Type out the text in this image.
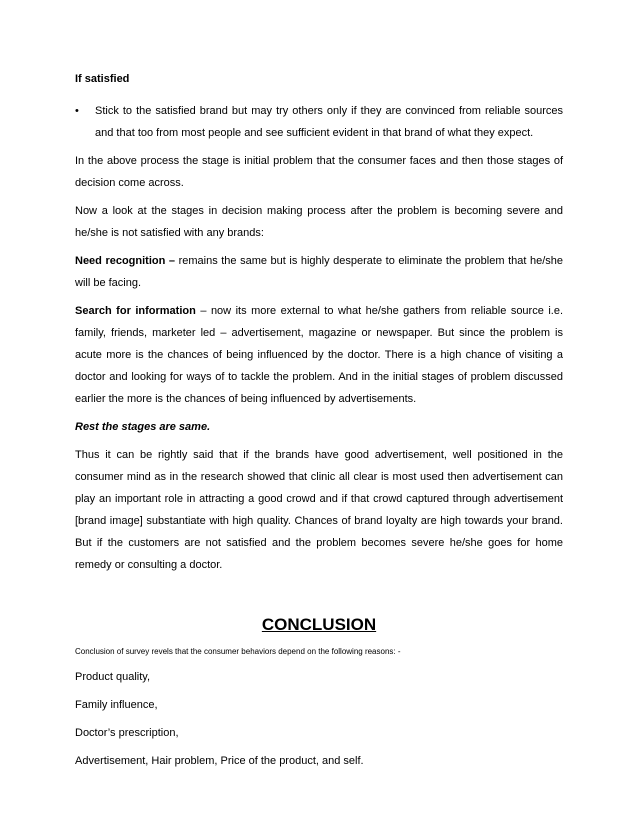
If satisfied

• Stick to the satisfied brand but may try others only if they are convinced from reliable sources and that too from most people and see sufficient evident in that brand of what they expect.

In the above process the stage is initial problem that the consumer faces and then those stages of decision come across.

Now a look at the stages in decision making process after the problem is becoming severe and he/she is not satisfied with any brands:

Need recognition – remains the same but is highly desperate to eliminate the problem that he/she will be facing.

Search for information – now its more external to what he/she gathers from reliable source i.e. family, friends, marketer led – advertisement, magazine or newspaper. But since the problem is acute more is the chances of being influenced by the doctor. There is a high chance of visiting a doctor and looking for ways of to tackle the problem. And in the initial stages of problem discussed earlier the more is the chances of being influenced by advertisements.

Rest the stages are same.

Thus it can be rightly said that if the brands have good advertisement, well positioned in the consumer mind as in the research showed that clinic all clear is most used then advertisement can play an important role in attracting a good crowd and if that crowd captured through advertisement [brand image] substantiate with high quality. Chances of brand loyalty are high towards your brand. But if the customers are not satisfied and the problem becomes severe he/she goes for home remedy or consulting a doctor.

CONCLUSION

Conclusion of survey revels that the consumer behaviors depend on the following reasons: -

Product quality,

Family influence,

Doctor’s prescription,

Advertisement, Hair problem, Price of the product, and self.
